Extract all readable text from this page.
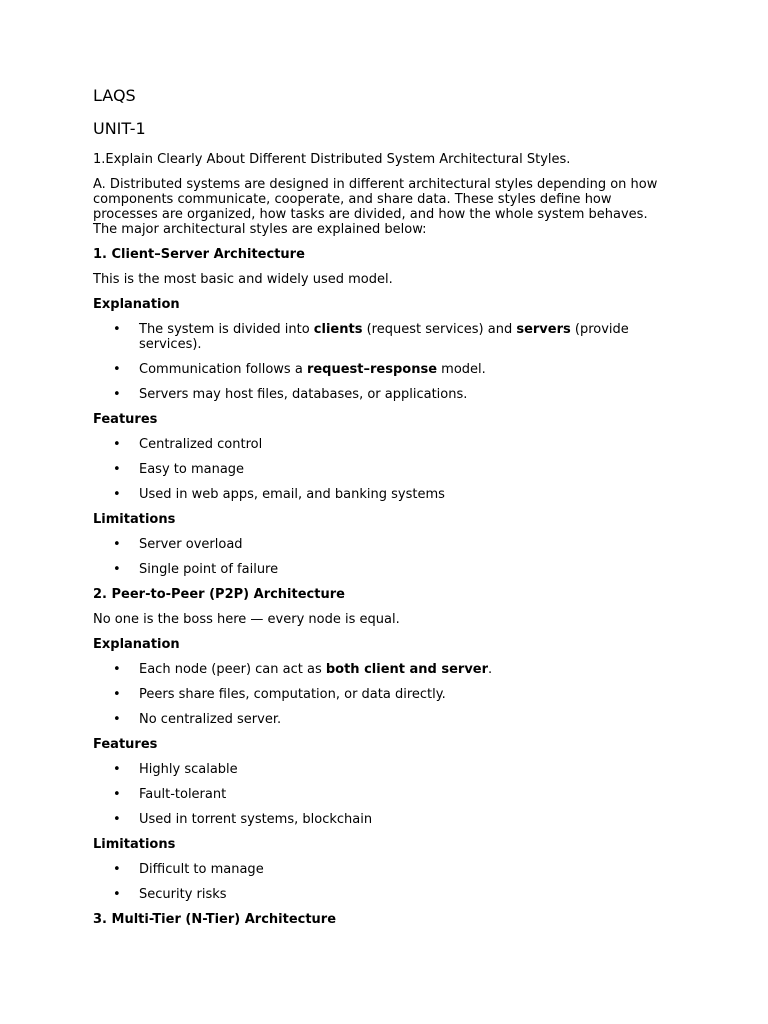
LAQS
UNIT-1

1.Explain Clearly About Different Distributed System Architectural Styles.

A. Distributed systems are designed in different architectural styles depending on how components communicate, cooperate, and share data. These styles define how processes are organized, how tasks are divided, and how the whole system behaves. The major architectural styles are explained below:

1. Client–Server Architecture

This is the most basic and widely used model.

Explanation

• The system is divided into clients (request services) and servers (provide services).
• Communication follows a request–response model.
• Servers may host files, databases, or applications.

Features

• Centralized control
• Easy to manage
• Used in web apps, email, and banking systems

Limitations

• Server overload
• Single point of failure

2. Peer-to-Peer (P2P) Architecture

No one is the boss here — every node is equal.

Explanation

• Each node (peer) can act as both client and server.
• Peers share files, computation, or data directly.
• No centralized server.

Features

• Highly scalable
• Fault-tolerant
• Used in torrent systems, blockchain

Limitations

• Difficult to manage
• Security risks

3. Multi-Tier (N-Tier) Architecture
